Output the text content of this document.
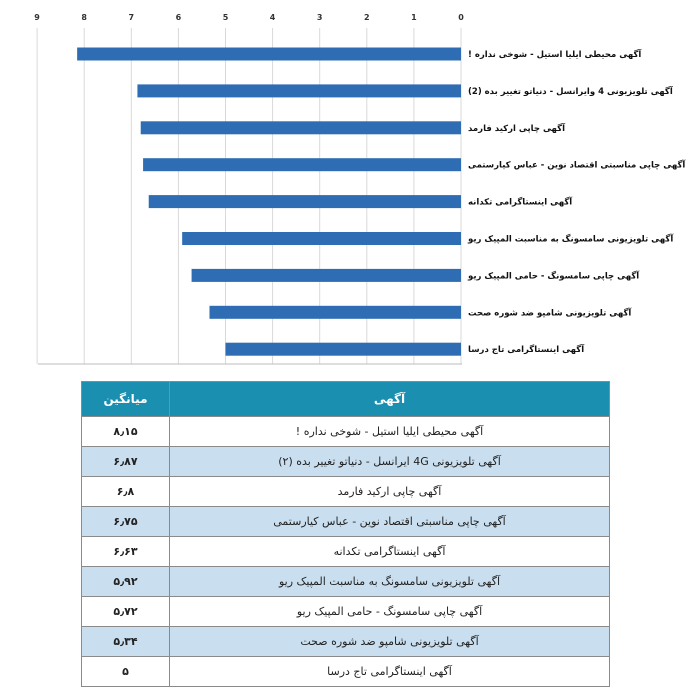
0
1
2
3
4
5
6
7
8
9
آگهی محیطی ایلیا استیل - شوخی نداره !
آگهی تلویزیونی 4 وایرانسل - دنیاتو تغییر بده (2)
آگهی چاپی ارکید فارمد
آگهی چاپی مناسبتی اقتصاد نوین - عباس کیارستمی
آگهی اینستاگرامی تکدانه
آگهی تلویزیونی سامسونگ به مناسبت المپیک ریو
آگهی چاپی سامسونگ - حامی المپیک ریو
آگهی تلویزیونی شامپو ضد شوره صحت
آگهی اینستاگرامی تاج درسا
آگهی	میانگین
آگهی محیطی ایلیا استیل - شوخی نداره !	۸٫۱۵
آگهی تلویزیونی 4G ایرانسل - دنیاتو تغییر بده (۲)	۶٫۸۷
آگهی چاپی ارکید فارمد	۶٫۸
آگهی چاپی مناسبتی اقتصاد نوین - عباس کیارستمی	۶٫۷۵
آگهی اینستاگرامی تکدانه	۶٫۶۳
آگهی تلویزیونی سامسونگ به مناسبت المپیک ریو	۵٫۹۲
آگهی چاپی سامسونگ - حامی المپیک ریو	۵٫۷۲
آگهی تلویزیونی شامپو ضد شوره صحت	۵٫۳۴
آگهی اینستاگرامی تاج درسا	۵
